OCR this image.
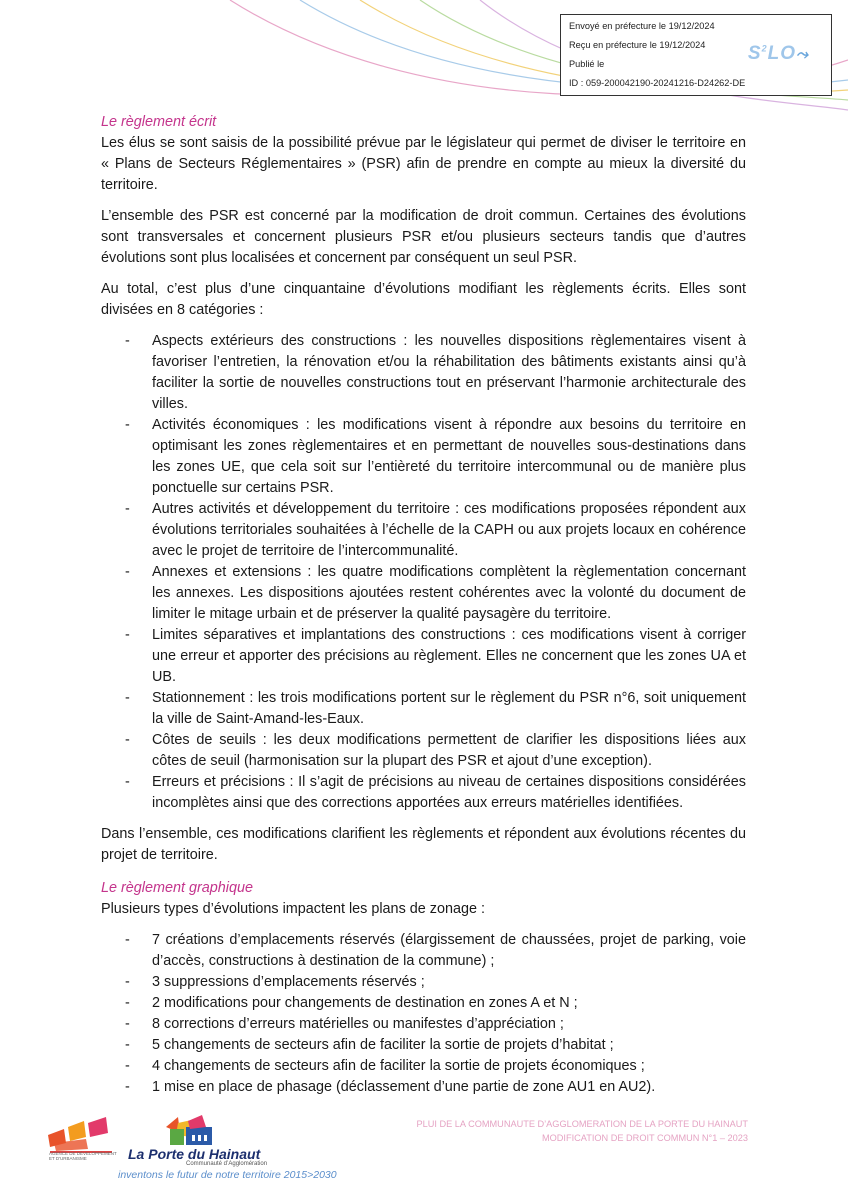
Envoyé en préfecture le 19/12/2024
Reçu en préfecture le 19/12/2024
Publié le
ID : 059-200042190-20241216-D24262-DE
$S^2LO⤳$
Le règlement écrit

Les élus se sont saisis de la possibilité prévue par le législateur qui permet de diviser le territoire en « Plans de Secteurs Réglementaires » (PSR) afin de prendre en compte au mieux la diversité du territoire.

L’ensemble des PSR est concerné par la modification de droit commun. Certaines des évolutions sont transversales et concernent plusieurs PSR et/ou plusieurs secteurs tandis que d’autres évolutions sont plus localisées et concernent par conséquent un seul PSR.

Au total, c’est plus d’une cinquantaine d’évolutions modifiant les règlements écrits. Elles sont divisées en 8 catégories :

- Aspects extérieurs des constructions : les nouvelles dispositions règlementaires visent à favoriser l’entretien, la rénovation et/ou la réhabilitation des bâtiments existants ainsi qu’à faciliter la sortie de nouvelles constructions tout en préservant l’harmonie architecturale des villes.
- Activités économiques : les modifications visent à répondre aux besoins du territoire en optimisant les zones règlementaires et en permettant de nouvelles sous-destinations dans les zones UE, que cela soit sur l’entièreté du territoire intercommunal ou de manière plus ponctuelle sur certains PSR.
- Autres activités et développement du territoire : ces modifications proposées répondent aux évolutions territoriales souhaitées à l’échelle de la CAPH ou aux projets locaux en cohérence avec le projet de territoire de l’intercommunalité.
- Annexes et extensions : les quatre modifications complètent la règlementation concernant les annexes. Les dispositions ajoutées restent cohérentes avec la volonté du document de limiter le mitage urbain et de préserver la qualité paysagère du territoire.
- Limites séparatives et implantations des constructions : ces modifications visent à corriger une erreur et apporter des précisions au règlement. Elles ne concernent que les zones UA et UB.
- Stationnement : les trois modifications portent sur le règlement du PSR n°6, soit uniquement la ville de Saint-Amand-les-Eaux.
- Côtes de seuils : les deux modifications permettent de clarifier les dispositions liées aux côtes de seuil (harmonisation sur la plupart des PSR et ajout d’une exception).
- Erreurs et précisions : Il s’agit de précisions au niveau de certaines dispositions considérées incomplètes ainsi que des corrections apportées aux erreurs matérielles identifiées.

Dans l’ensemble, ces modifications clarifient les règlements et répondent aux évolutions récentes du projet de territoire.

Le règlement graphique

Plusieurs types d’évolutions impactent les plans de zonage :

- 7 créations d’emplacements réservés (élargissement de chaussées, projet de parking, voie d’accès, constructions à destination de la commune) ;
- 3 suppressions d’emplacements réservés ;
- 2 modifications pour changements de destination en zones A et N ;
- 8 corrections d’erreurs matérielles ou manifestes d’appréciation ;
- 5 changements de secteurs afin de faciliter la sortie de projets d’habitat ;
- 4 changements de secteurs afin de faciliter la sortie de projets économiques ;
- 1 mise en place de phasage (déclassement d’une partie de zone AU1 en AU2).
AGENCE DE DÉVELOPPEMENT ET D'URBANISME	La Porte du Hainaut
Communauté d’Agglomération
inventons le futur de notre territoire 2015>2030
PLUI DE LA COMMUNAUTE D’AGGLOMERATION DE LA PORTE DU HAINAUT
MODIFICATION DE DROIT COMMUN N°1 – 2023
